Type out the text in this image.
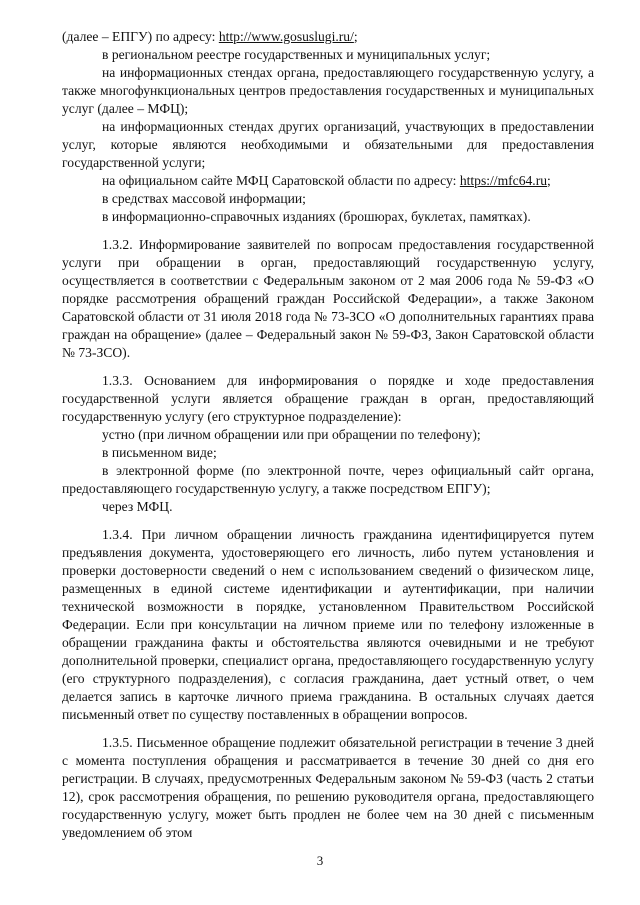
(далее – ЕПГУ) по адресу: http://www.gosuslugi.ru/;

в региональном реестре государственных и муниципальных услуг;

на информационных стендах органа, предоставляющего государственную услугу, а также многофункциональных центров предоставления государственных и муниципальных услуг (далее – МФЦ);

на информационных стендах других организаций, участвующих в предоставлении услуг, которые являются необходимыми и обязательными для предоставления государственной услуги;

на официальном сайте МФЦ Саратовской области по адресу: https://mfc64.ru;

в средствах массовой информации;

в информационно-справочных изданиях (брошюрах, буклетах, памятках).

1.3.2. Информирование заявителей по вопросам предоставления государственной услуги при обращении в орган, предоставляющий государственную услугу, осуществляется в соответствии с Федеральным законом от 2 мая 2006 года № 59-ФЗ «О порядке рассмотрения обращений граждан Российской Федерации», а также Законом Саратовской области от 31 июля 2018 года № 73-ЗСО «О дополнительных гарантиях права граждан на обращение» (далее – Федеральный закон № 59-ФЗ, Закон Саратовской области № 73-ЗСО).

1.3.3. Основанием для информирования о порядке и ходе предоставления государственной услуги является обращение граждан в орган, предоставляющий государственную услугу (его структурное подразделение):

устно (при личном обращении или при обращении по телефону);

в письменном виде;

в электронной форме (по электронной почте, через официальный сайт органа, предоставляющего государственную услугу, а также посредством ЕПГУ);

через МФЦ.

1.3.4. При личном обращении личность гражданина идентифицируется путем предъявления документа, удостоверяющего его личность, либо путем установления и проверки достоверности сведений о нем с использованием сведений о физическом лице, размещенных в единой системе идентификации и аутентификации, при наличии технической возможности в порядке, установленном Правительством Российской Федерации. Если при консультации на личном приеме или по телефону изложенные в обращении гражданина факты и обстоятельства являются очевидными и не требуют дополнительной проверки, специалист органа, предоставляющего государственную услугу (его структурного подразделения), с согласия гражданина, дает устный ответ, о чем делается запись в карточке личного приема гражданина. В остальных случаях дается письменный ответ по существу поставленных в обращении вопросов.

1.3.5. Письменное обращение подлежит обязательной регистрации в течение 3 дней с момента поступления обращения и рассматривается в течение 30 дней со дня его регистрации. В случаях, предусмотренных Федеральным законом № 59-ФЗ (часть 2 статьи 12), срок рассмотрения обращения, по решению руководителя органа, предоставляющего государственную услугу, может быть продлен не более чем на 30 дней с письменным уведомлением об этом

3
